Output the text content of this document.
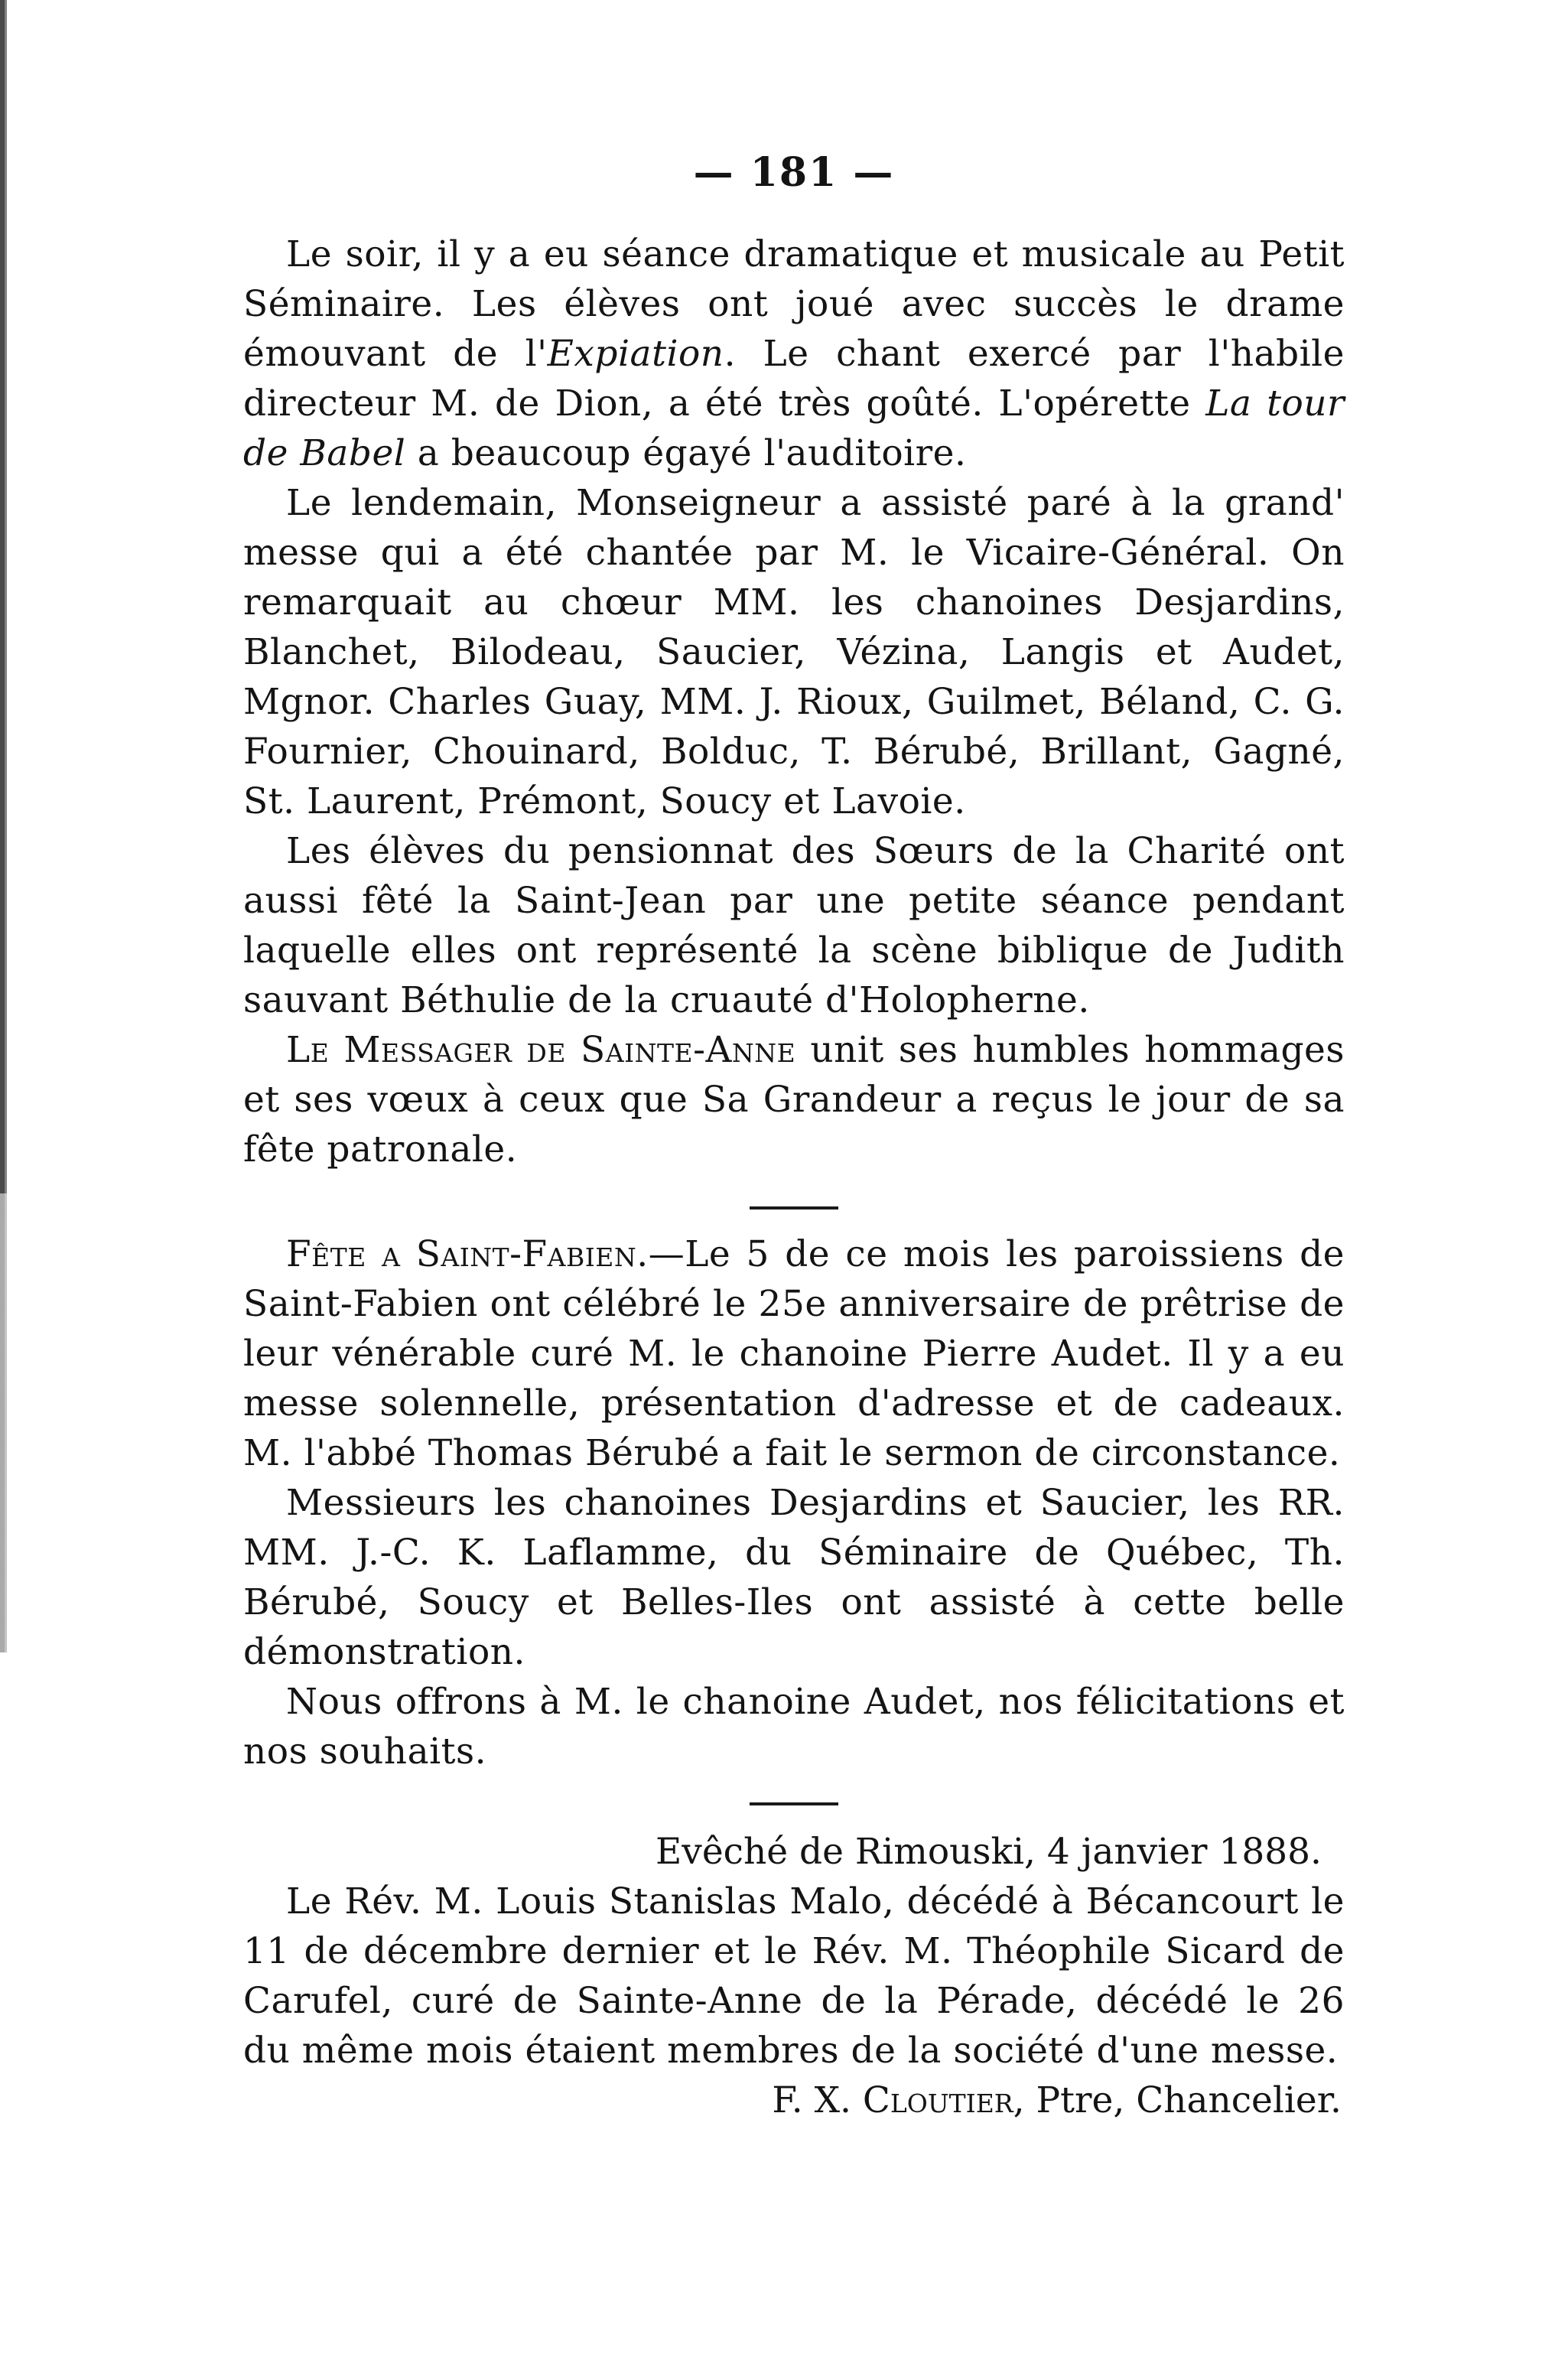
— 181 —

Le soir, il y a eu séance dramatique et musicale au Petit Séminaire. Les élèves ont joué avec succès le drame émouvant de l'Expiation. Le chant exercé par l'habile directeur M. de Dion, a été très goûté. L'opérette La tour de Babel a beaucoup égayé l'auditoire.

Le lendemain, Monseigneur a assisté paré à la grand' messe qui a été chantée par M. le Vicaire-Général. On remarquait au chœur MM. les chanoines Desjardins, Blanchet, Bilodeau, Saucier, Vézina, Langis et Audet, Mgnor. Charles Guay, MM. J. Rioux, Guilmet, Béland, C. G. Fournier, Chouinard, Bolduc, T. Bérubé, Brillant, Gagné, St. Laurent, Prémont, Soucy et Lavoie.

Les élèves du pensionnat des Sœurs de la Charité ont aussi fêté la Saint-Jean par une petite séance pendant laquelle elles ont représenté la scène biblique de Judith sauvant Béthulie de la cruauté d'Holopherne.

Le Messager de Sainte-Anne unit ses humbles hommages et ses vœux à ceux que Sa Grandeur a reçus le jour de sa fête patronale.

Fête a Saint-Fabien.—Le 5 de ce mois les paroissiens de Saint-Fabien ont célébré le 25e anniversaire de prêtrise de leur vénérable curé M. le chanoine Pierre Audet. Il y a eu messe solennelle, présentation d'adresse et de cadeaux. M. l'abbé Thomas Bérubé a fait le sermon de circonstance.

Messieurs les chanoines Desjardins et Saucier, les RR. MM. J.-C. K. Laflamme, du Séminaire de Québec, Th. Bérubé, Soucy et Belles-Iles ont assisté à cette belle démonstration.

Nous offrons à M. le chanoine Audet, nos félicitations et nos souhaits.

Evêché de Rimouski, 4 janvier 1888.

Le Rév. M. Louis Stanislas Malo, décédé à Bécancourt le 11 de décembre dernier et le Rév. M. Théophile Sicard de Carufel, curé de Sainte-Anne de la Pérade, décédé le 26 du même mois étaient membres de la société d'une messe.

F. X. Cloutier, Ptre, Chancelier.
